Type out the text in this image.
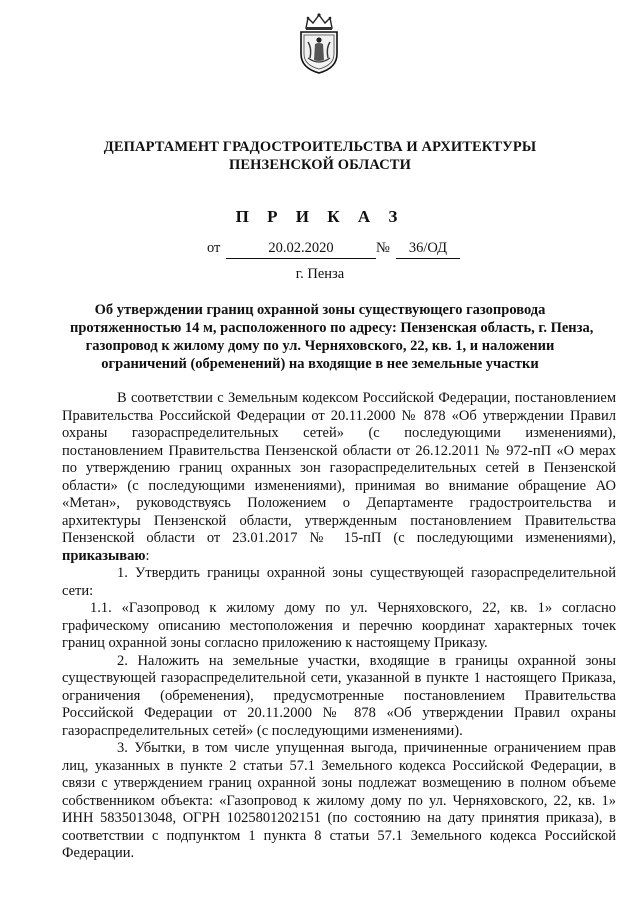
ДЕПАРТАМЕНТ ГРАДОСТРОИТЕЛЬСТВА И АРХИТЕКТУРЫ
ПЕНЗЕНСКОЙ ОБЛАСТИ
П Р И К А З
от	20.02.2020	№	36/ОД
г. Пенза
Об утверждении границ охранной зоны существующего газопровода
протяженностью 14 м, расположенного по адресу: Пензенская область, г. Пенза,
газопровод к жилому дому по ул. Черняховского, 22, кв. 1, и наложении
ограничений (обременений) на входящие в нее земельные участки

В соответствии с Земельным кодексом Российской Федерации, постановлением Правительства Российской Федерации от 20.11.2000 № 878 «Об утверждении Правил охраны газораспределительных сетей» (с последующими изменениями), постановлением Правительства Пензенской области от 26.12.2011 № 972-пП «О мерах по утверждению границ охранных зон газораспределительных сетей в Пензенской области» (с последующими изменениями), принимая во внимание обращение АО «Метан», руководствуясь Положением о Департаменте градостроительства и архитектуры Пензенской области, утвержденным постановлением Правительства Пензенской области от 23.01.2017 № 15-пП (с последующими изменениями), приказываю:

1. Утвердить границы охранной зоны существующей газораспределительной сети:

1.1. «Газопровод к жилому дому по ул. Черняховского, 22, кв. 1» согласно графическому описанию местоположения и перечню координат характерных точек границ охранной зоны согласно приложению к настоящему Приказу.

2. Наложить на земельные участки, входящие в границы охранной зоны существующей газораспределительной сети, указанной в пункте 1 настоящего Приказа, ограничения (обременения), предусмотренные постановлением Правительства Российской Федерации от 20.11.2000 № 878 «Об утверждении Правил охраны газораспределительных сетей» (с последующими изменениями).

3. Убытки, в том числе упущенная выгода, причиненные ограничением прав лиц, указанных в пункте 2 статьи 57.1 Земельного кодекса Российской Федерации, в связи с утверждением границ охранной зоны подлежат возмещению в полном объеме собственником объекта: «Газопровод к жилому дому по ул. Черняховского, 22, кв. 1» ИНН 5835013048, ОГРН 1025801202151 (по состоянию на дату принятия приказа), в соответствии с подпунктом 1 пункта 8 статьи 57.1 Земельного кодекса Российской Федерации.
